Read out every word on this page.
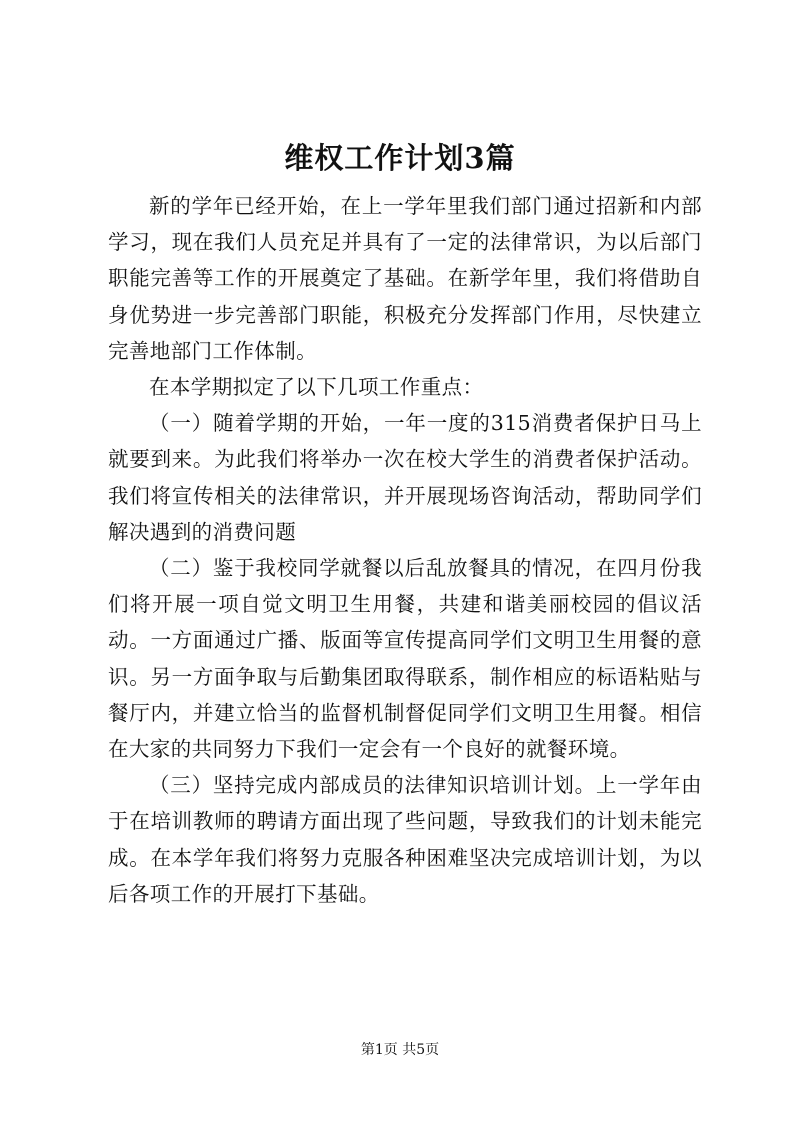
维权工作计划3篇

新的学年已经开始，在上一学年里我们部门通过招新和内部学习，现在我们人员充足并具有了一定的法律常识，为以后部门职能完善等工作的开展奠定了基础。在新学年里，我们将借助自身优势进一步完善部门职能，积极充分发挥部门作用，尽快建立完善地部门工作体制。

在本学期拟定了以下几项工作重点：

（一）随着学期的开始，一年一度的315消费者保护日马上就要到来。为此我们将举办一次在校大学生的消费者保护活动。我们将宣传相关的法律常识，并开展现场咨询活动，帮助同学们解决遇到的消费问题

（二）鉴于我校同学就餐以后乱放餐具的情况，在四月份我们将开展一项自觉文明卫生用餐，共建和谐美丽校园的倡议活动。一方面通过广播、版面等宣传提高同学们文明卫生用餐的意识。另一方面争取与后勤集团取得联系，制作相应的标语粘贴与餐厅内，并建立恰当的监督机制督促同学们文明卫生用餐。相信在大家的共同努力下我们一定会有一个良好的就餐环境。

（三）坚持完成内部成员的法律知识培训计划。上一学年由于在培训教师的聘请方面出现了些问题，导致我们的计划未能完成。在本学年我们将努力克服各种困难坚决完成培训计划，为以后各项工作的开展打下基础。

第1页 共5页
